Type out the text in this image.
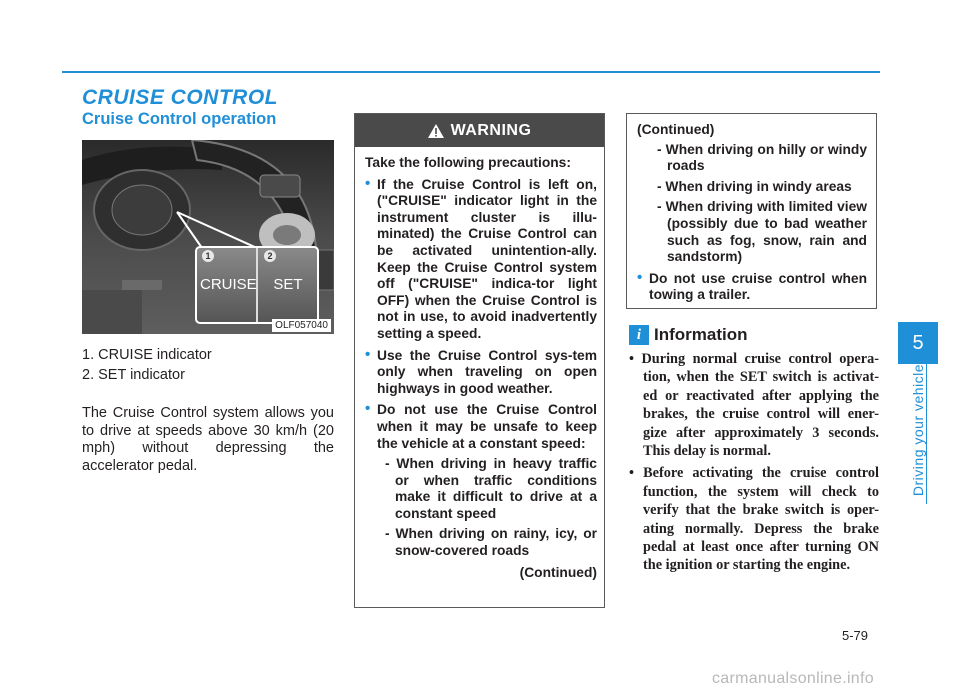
CRUISE CONTROL
Cruise Control operation
1	2
CRUISE	SET
OLF057040
1. CRUISE indicator
2. SET indicator
The Cruise Control system allows you to drive at speeds above 30 km/h (20 mph) without depressing the accelerator pedal.
WARNING
Take the following precautions:
• If the Cruise Control is left on, ("CRUISE" indicator light in the instrument cluster is illu-minated) the Cruise Control can be activated unintention-ally. Keep the Cruise Control system off ("CRUISE" indica-tor light OFF) when the Cruise Control is not in use, to avoid inadvertently setting a speed.
• Use the Cruise Control sys-tem only when traveling on open highways in good weather.
• Do not use the Cruise Control when it may be unsafe to keep the vehicle at a constant speed:
- When driving in heavy traffic or when traffic conditions make it difficult to drive at a constant speed
- When driving on rainy, icy, or snow-covered roads
(Continued)
(Continued)
- When driving on hilly or windy roads
- When driving in windy areas
- When driving with limited view (possibly due to bad weather such as fog, snow, rain and sandstorm)
• Do not use cruise control when towing a trailer.
i Information
• During normal cruise control opera-tion, when the SET switch is activat-ed or reactivated after applying the brakes, the cruise control will ener-gize after approximately 3 seconds. This delay is normal.
• Before activating the cruise control function, the system will check to verify that the brake switch is oper-ating normally. Depress the brake pedal at least once after turning ON the ignition or starting the engine.
5
Driving your vehicle
5-79
carmanualsonline.info
